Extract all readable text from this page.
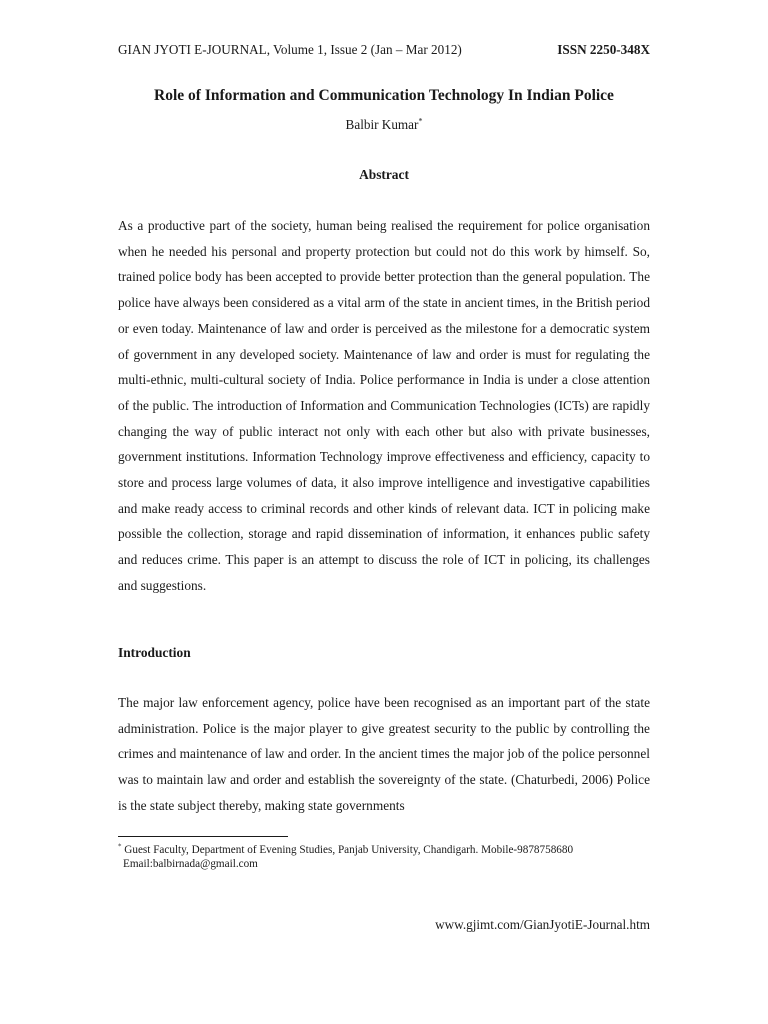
GIAN JYOTI E-JOURNAL, Volume 1, Issue 2 (Jan – Mar 2012)	ISSN 2250-348X
Role of Information and Communication Technology In Indian Police
Balbir Kumar*
Abstract

As a productive part of the society, human being realised the requirement for police organisation when he needed his personal and property protection but could not do this work by himself. So, trained police body has been accepted to provide better protection than the general population. The police have always been considered as a vital arm of the state in ancient times, in the British period or even today. Maintenance of law and order is perceived as the milestone for a democratic system of government in any developed society. Maintenance of law and order is must for regulating the multi-ethnic, multi-cultural society of India. Police performance in India is under a close attention of the public. The introduction of Information and Communication Technologies (ICTs) are rapidly changing the way of public interact not only with each other but also with private businesses, government institutions. Information Technology improve effectiveness and efficiency, capacity to store and process large volumes of data, it also improve intelligence and investigative capabilities and make ready access to criminal records and other kinds of relevant data. ICT in policing make possible the collection, storage and rapid dissemination of information, it enhances public safety and reduces crime. This paper is an attempt to discuss the role of ICT in policing, its challenges and suggestions.

Introduction

The major law enforcement agency, police have been recognised as an important part of the state administration. Police is the major player to give greatest security to the public by controlling the crimes and maintenance of law and order. In the ancient times the major job of the police personnel was to maintain law and order and establish the sovereignty of the state. (Chaturbedi, 2006) Police is the state subject thereby, making state governments

* Guest Faculty, Department of Evening Studies, Panjab University, Chandigarh. Mobile-9878758680
Email:balbirnada@gmail.com
www.gjimt.com/GianJyotiE-Journal.htm
